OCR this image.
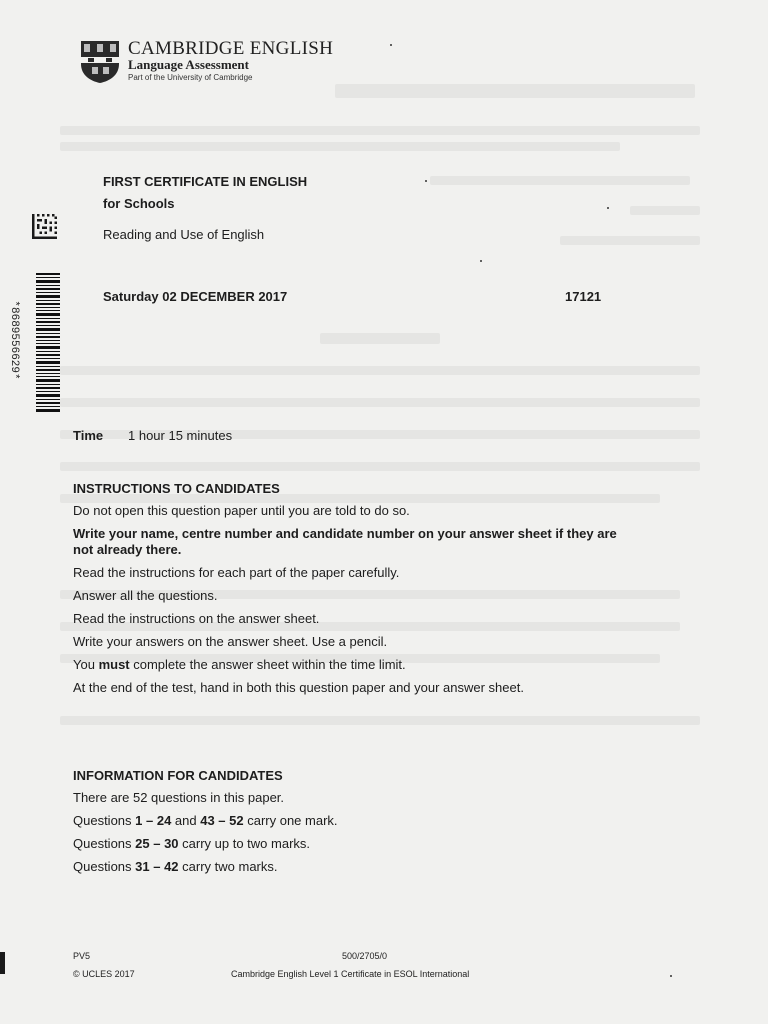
CAMBRIDGE ENGLISH
Language Assessment
Part of the University of Cambridge
*8689556629*
FIRST CERTIFICATE IN ENGLISH
for Schools
Reading and Use of English
Saturday 02 DECEMBER 2017	17121
Time 1 hour 15 minutes
INSTRUCTIONS TO CANDIDATES
Do not open this question paper until you are told to do so.
Write your name, centre number and candidate number on your answer sheet if they are
not already there.
Read the instructions for each part of the paper carefully.
Answer all the questions.
Read the instructions on the answer sheet.
Write your answers on the answer sheet. Use a pencil.
You must complete the answer sheet within the time limit.
At the end of the test, hand in both this question paper and your answer sheet.
INFORMATION FOR CANDIDATES
There are 52 questions in this paper.
Questions 1 – 24 and 43 – 52 carry one mark.
Questions 25 – 30 carry up to two marks.
Questions 31 – 42 carry two marks.
PV5
© UCLES 2017
500/2705/0
Cambridge English Level 1 Certificate in ESOL International
